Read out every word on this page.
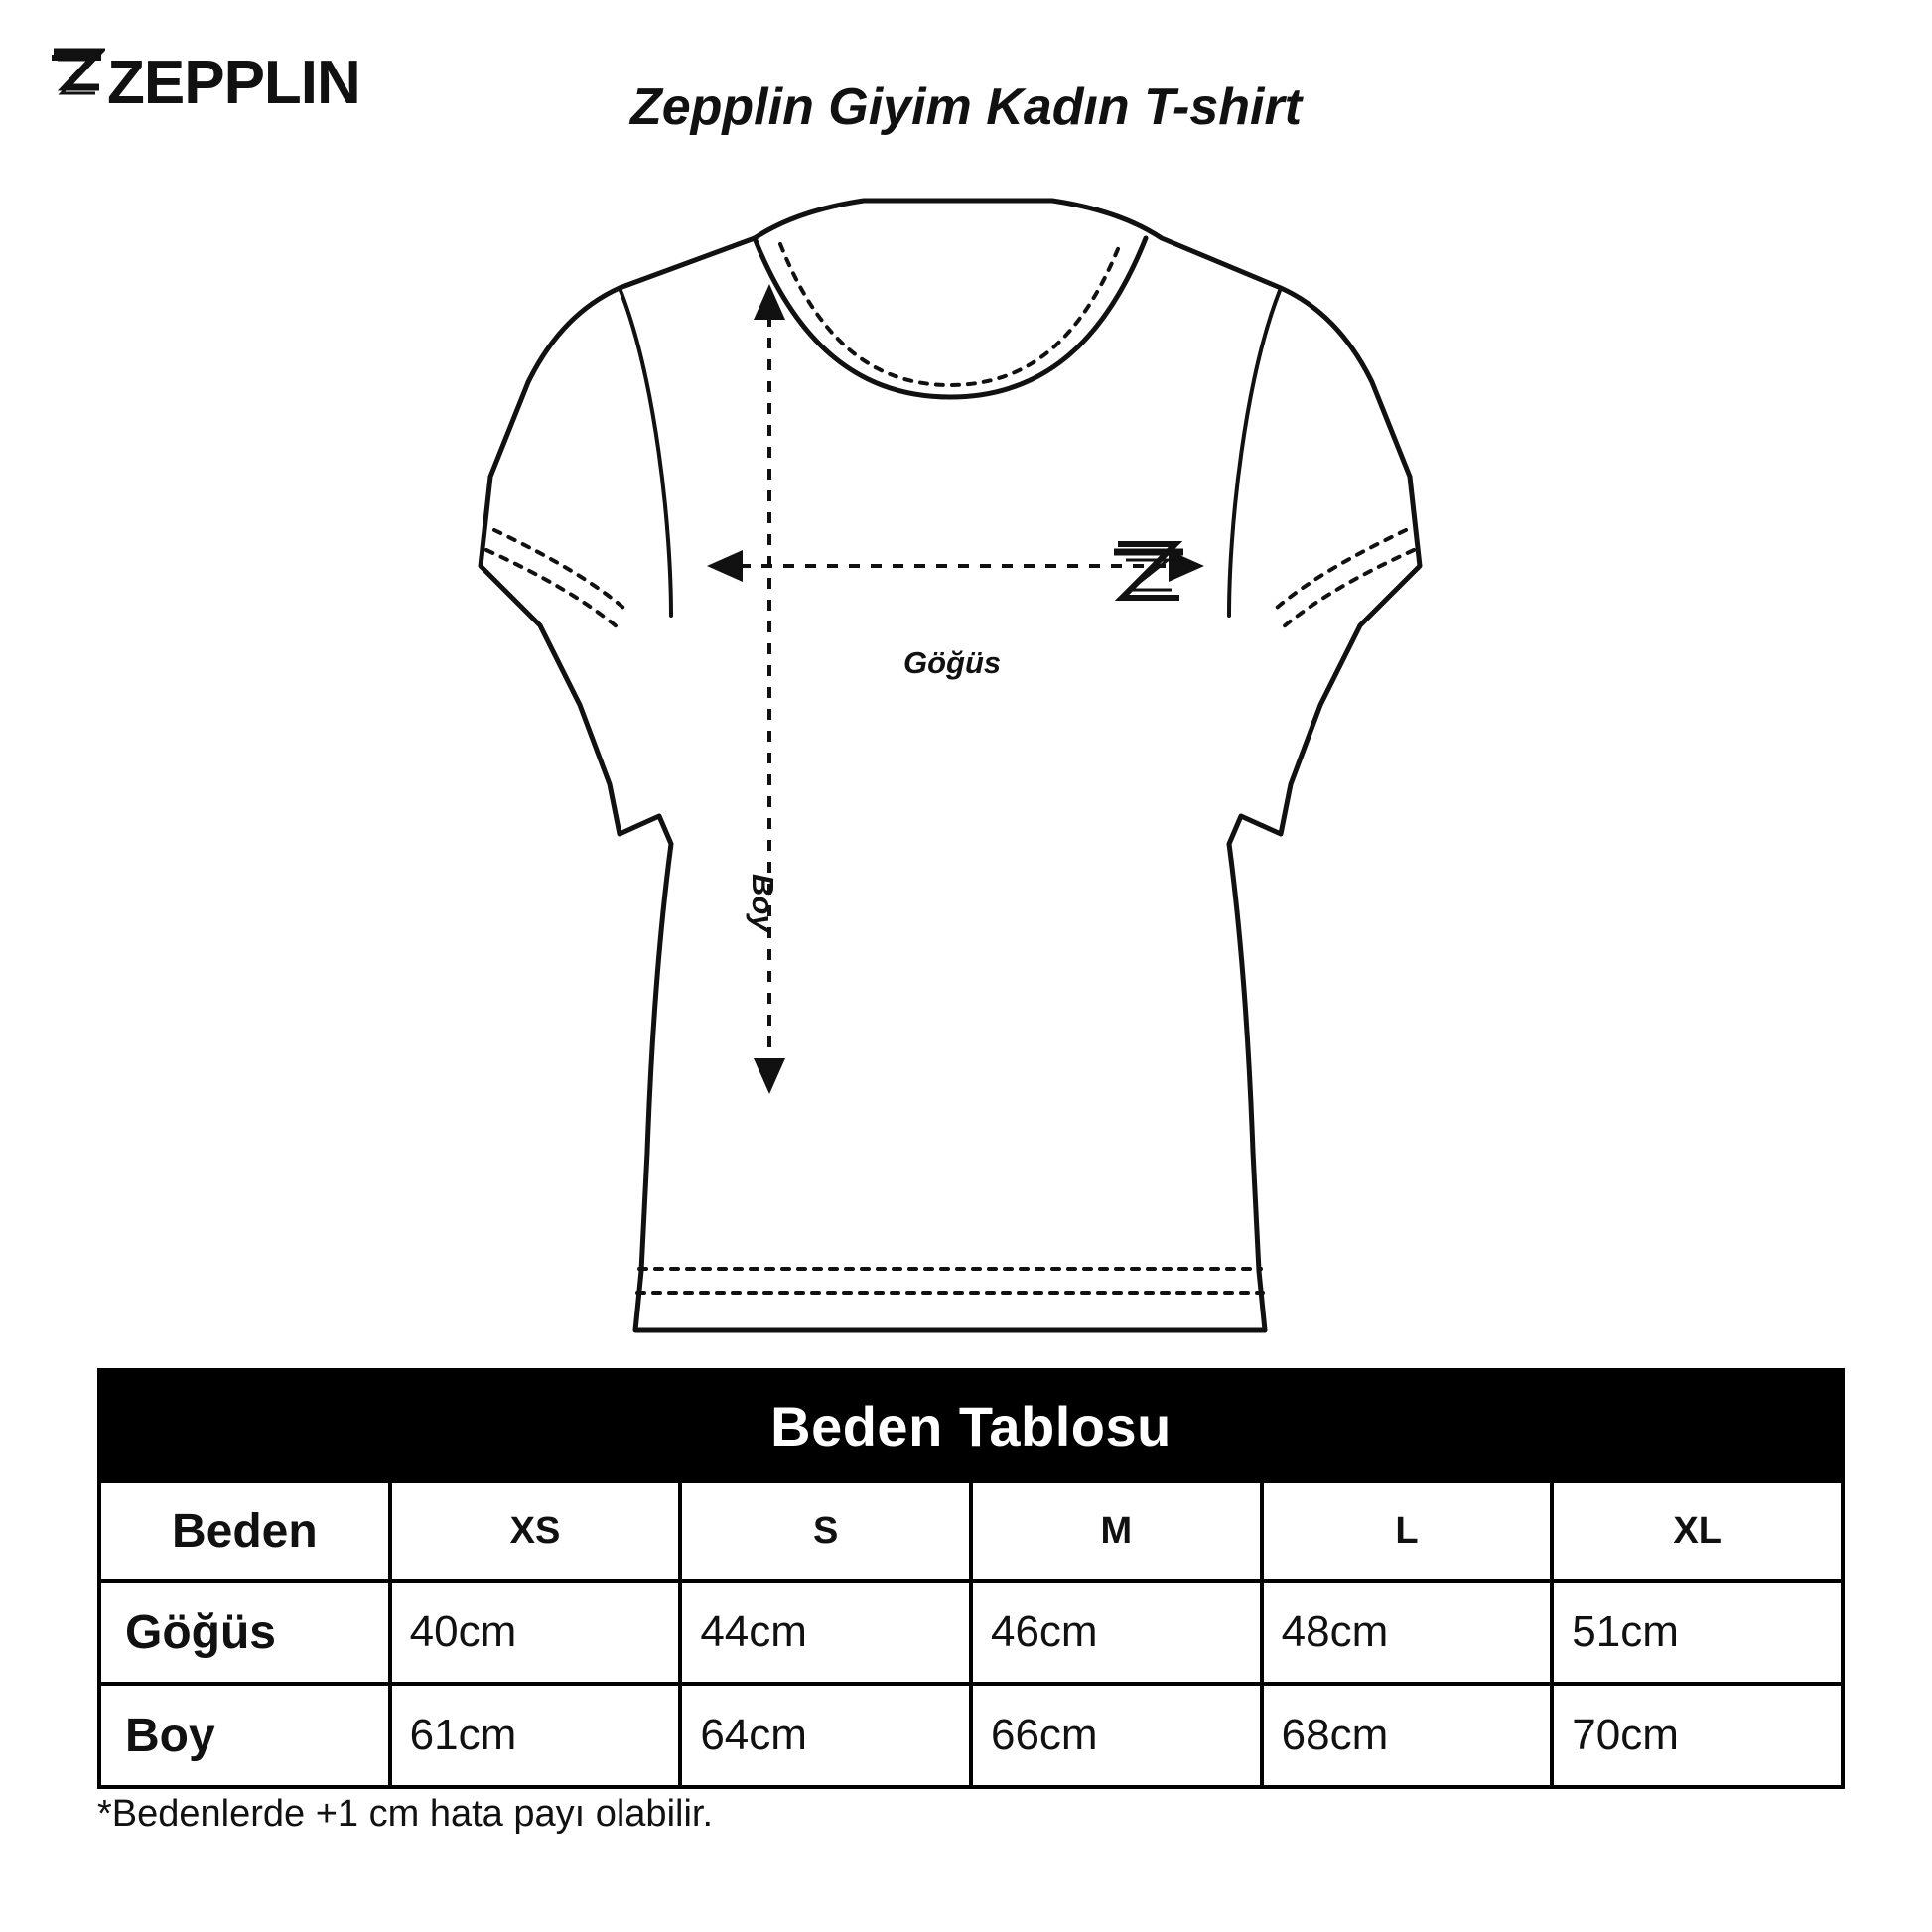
ZEPPLIN	Zepplin Giyim Kadın T-shirt
Göğüs
Boy
Beden Tablosu					
Beden	XS	S	M	L	XL
Göğüs	40cm	44cm	46cm	48cm	51cm
Boy	61cm	64cm	66cm	68cm	70cm
*Bedenlerde +1 cm hata payı olabilir.
